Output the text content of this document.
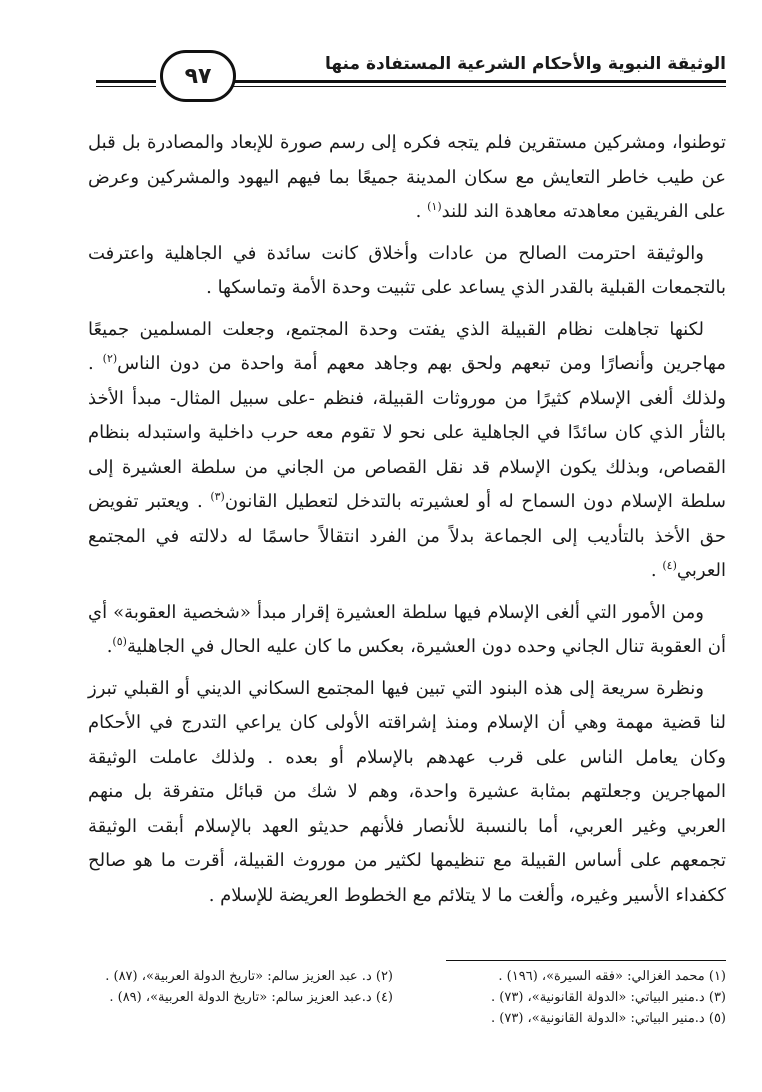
الوثيقة النبوية والأحكام الشرعية المستفادة منها
٩٧

توطنوا، ومشركين مستقرين فلم يتجه فكره إلى رسم صورة للإبعاد والمصادرة بل قبل عن طيب خاطر التعايش مع سكان المدينة جميعًا بما فيهم اليهود والمشركين وعرض على الفريقين معاهدته معاهدة الند للند$^{(١)}$ .

والوثيقة احترمت الصالح من عادات وأخلاق كانت سائدة في الجاهلية واعترفت بالتجمعات القبلية بالقدر الذي يساعد على تثبيت وحدة الأمة وتماسكها .

لكنها تجاهلت نظام القبيلة الذي يفتت وحدة المجتمع، وجعلت المسلمين جميعًا مهاجرين وأنصارًا ومن تبعهم ولحق بهم وجاهد معهم أمة واحدة من دون الناس$^{(٢)}$ . ولذلك ألغى الإسلام كثيرًا من موروثات القبيلة، فنظم -على سبيل المثال- مبدأ الأخذ بالثأر الذي كان سائدًا في الجاهلية على نحو لا تقوم معه حرب داخلية واستبدله بنظام القصاص، وبذلك يكون الإسلام قد نقل القصاص من الجاني من سلطة العشيرة إلى سلطة الإسلام دون السماح له أو لعشيرته بالتدخل لتعطيل القانون$^{(٣)}$ . ويعتبر تفويض حق الأخذ بالتأديب إلى الجماعة بدلاً من الفرد انتقالاً حاسمًا له دلالته في المجتمع العربي$^{(٤)}$ .

ومن الأمور التي ألغى الإسلام فيها سلطة العشيرة إقرار مبدأ «شخصية العقوبة» أي أن العقوبة تنال الجاني وحده دون العشيرة، بعكس ما كان عليه الحال في الجاهلية$^{(٥)}$.

ونظرة سريعة إلى هذه البنود التي تبين فيها المجتمع السكاني الديني أو القبلي تبرز لنا قضية مهمة وهي أن الإسلام ومنذ إشراقته الأولى كان يراعي التدرج في الأحكام وكان يعامل الناس على قرب عهدهم بالإسلام أو بعده . ولذلك عاملت الوثيقة المهاجرين وجعلتهم بمثابة عشيرة واحدة، وهم لا شك من قبائل متفرقة بل منهم العربي وغير العربي، أما بالنسبة للأنصار فلأنهم حديثو العهد بالإسلام أبقت الوثيقة تجمعهم على أساس القبيلة مع تنظيمها لكثير من موروث القبيلة، أقرت ما هو صالح ككفداء الأسير وغيره، وألغت ما لا يتلائم مع الخطوط العريضة للإسلام .

(١) محمد الغزالي: «فقه السيرة»، (١٩٦) .
(٢) د. عبد العزيز سالم: «تاريخ الدولة العربية»، (٨٧) .
(٣) د.منير البياتي: «الدولة القانونية»، (٧٣) .
(٤) د.عبد العزيز سالم: «تاريخ الدولة العربية»، (٨٩) .
(٥) د.منير البياتي: «الدولة القانونية»، (٧٣) .
